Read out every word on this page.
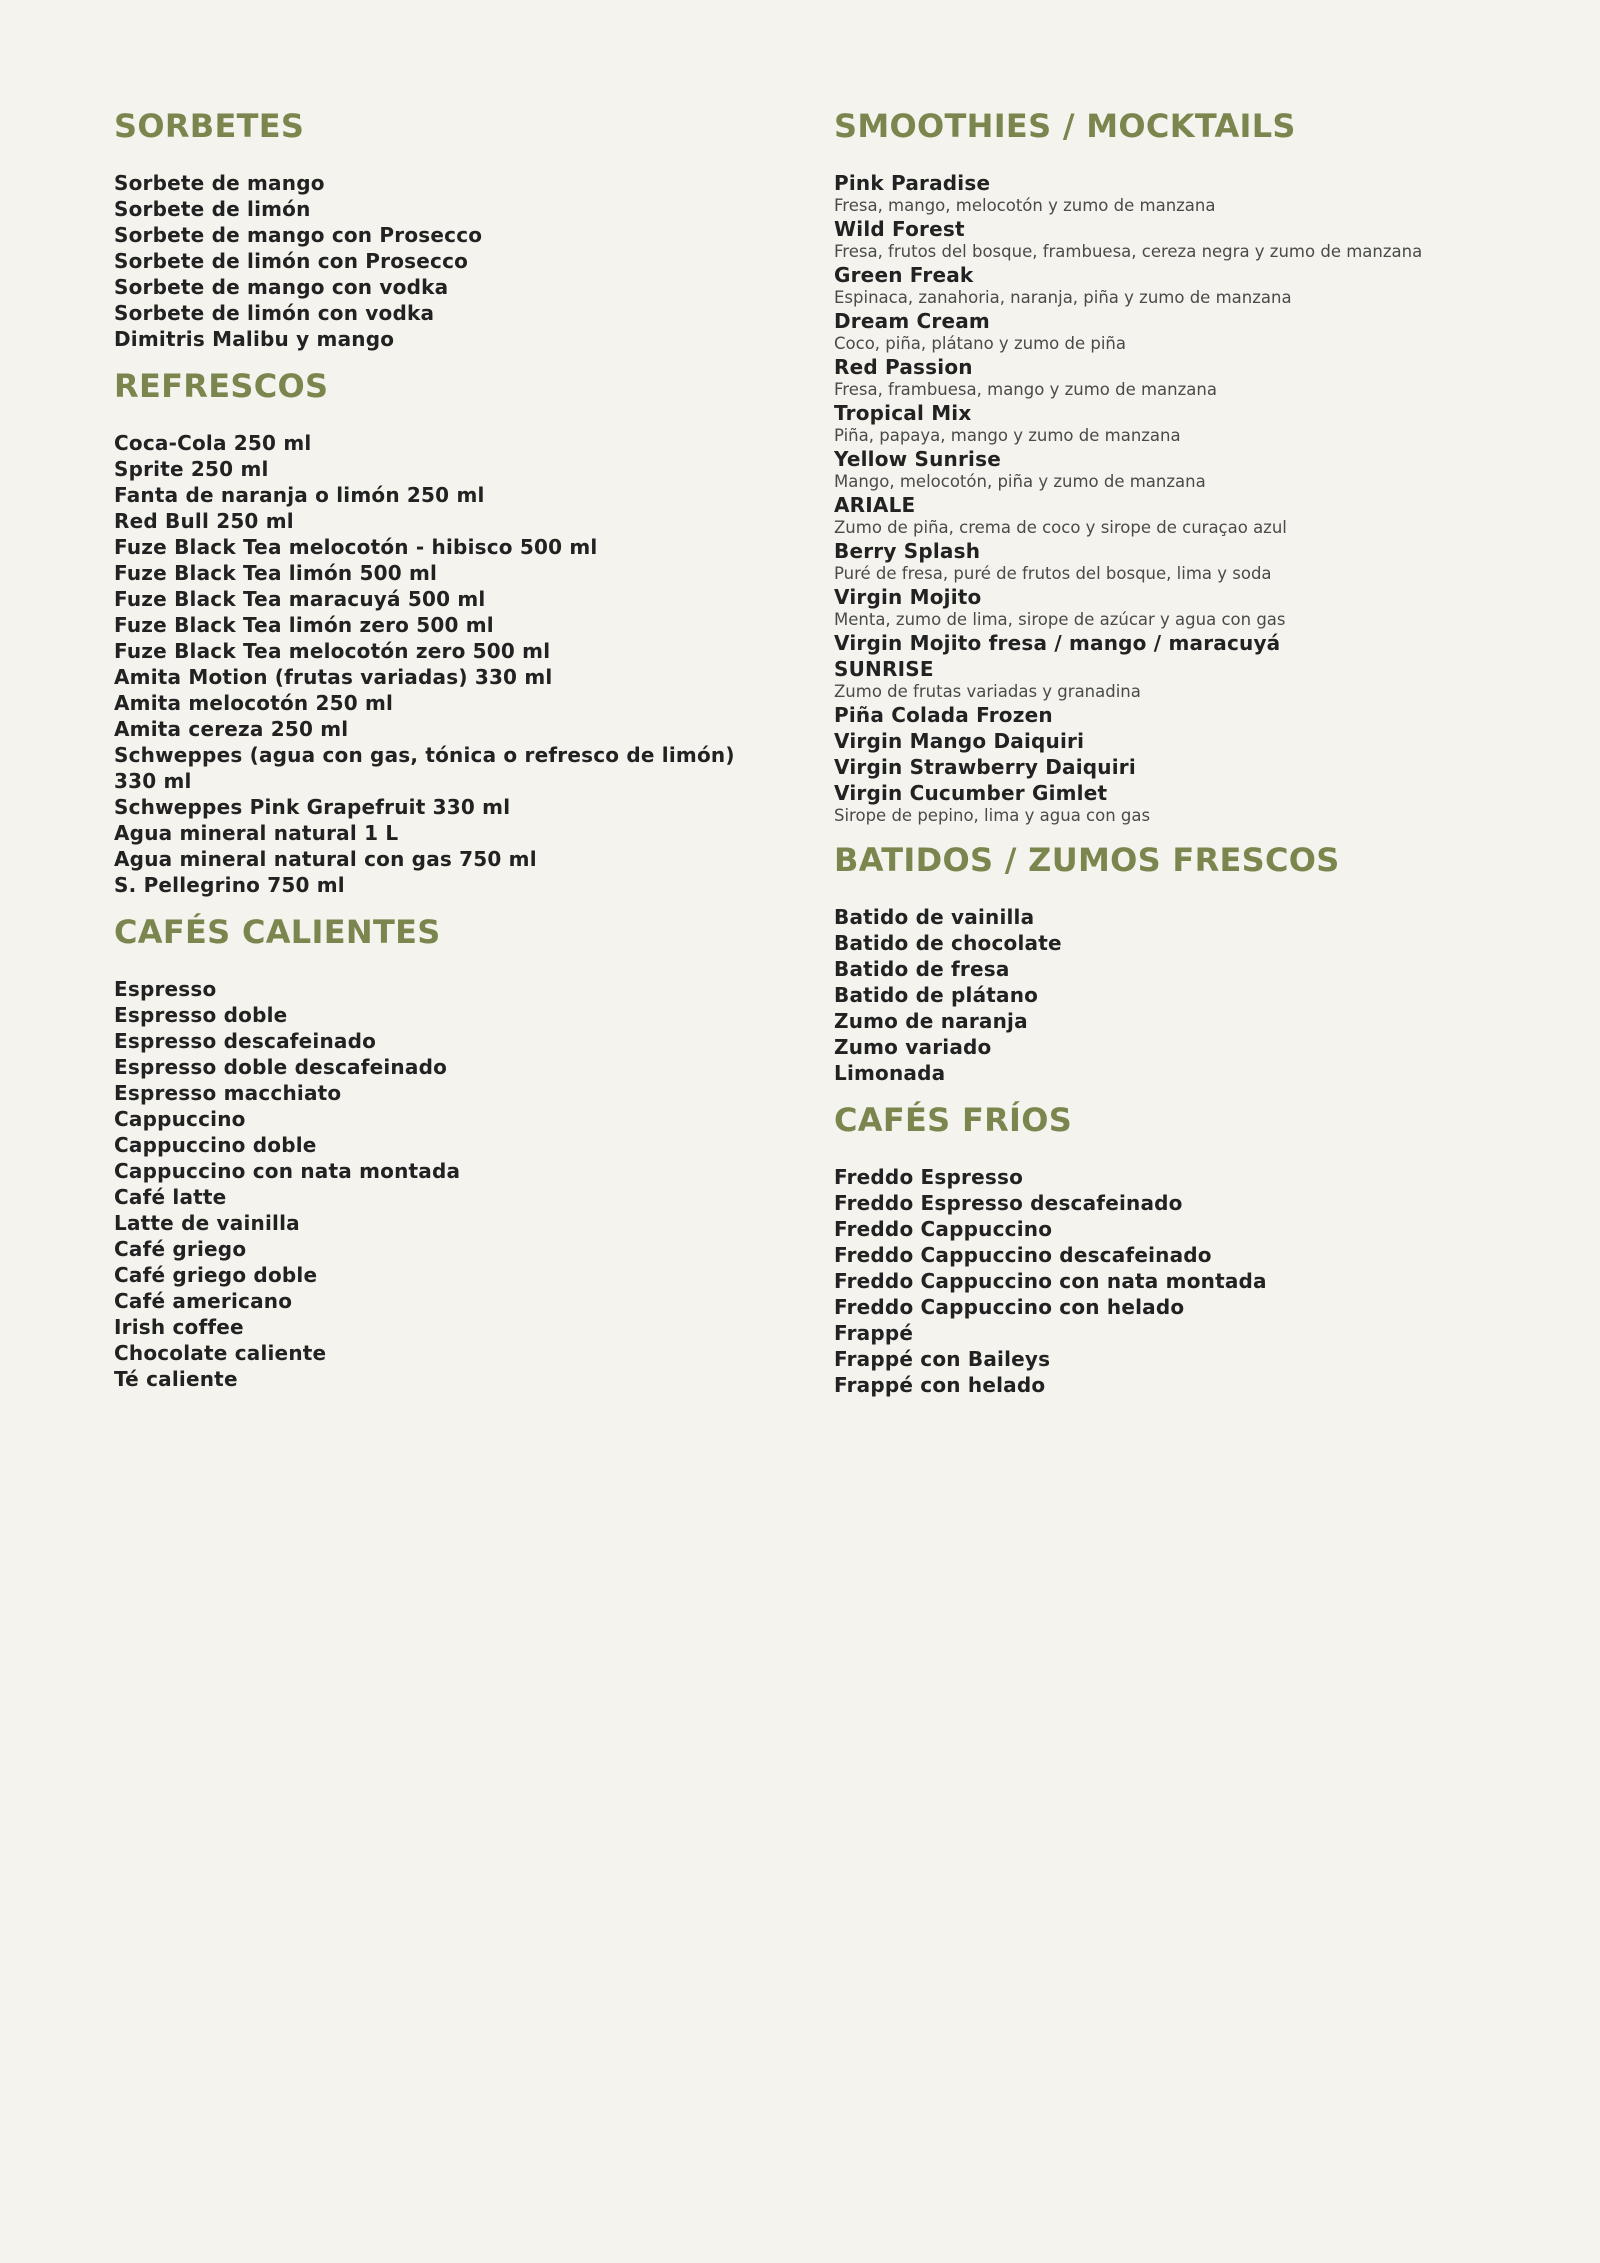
SORBETES
Sorbete de mango
Sorbete de limón
Sorbete de mango con Prosecco
Sorbete de limón con Prosecco
Sorbete de mango con vodka
Sorbete de limón con vodka
Dimitris Malibu y mango
REFRESCOS
Coca-Cola 250 ml
Sprite 250 ml
Fanta de naranja o limón 250 ml
Red Bull 250 ml
Fuze Black Tea melocotón - hibisco 500 ml
Fuze Black Tea limón 500 ml
Fuze Black Tea maracuyá 500 ml
Fuze Black Tea limón zero 500 ml
Fuze Black Tea melocotón zero 500 ml
Amita Motion (frutas variadas) 330 ml
Amita melocotón 250 ml
Amita cereza 250 ml
Schweppes (agua con gas, tónica o refresco de limón) 330 ml
Schweppes Pink Grapefruit 330 ml
Agua mineral natural 1 L
Agua mineral natural con gas 750 ml
S. Pellegrino 750 ml
CAFÉS CALIENTES
Espresso
Espresso doble
Espresso descafeinado
Espresso doble descafeinado
Espresso macchiato
Cappuccino
Cappuccino doble
Cappuccino con nata montada
Café latte
Latte de vainilla
Café griego
Café griego doble
Café americano
Irish coffee
Chocolate caliente
Té caliente
SMOOTHIES / MOCKTAILS
Pink Paradise
Fresa, mango, melocotón y zumo de manzana
Wild Forest
Fresa, frutos del bosque, frambuesa, cereza negra y zumo de manzana
Green Freak
Espinaca, zanahoria, naranja, piña y zumo de manzana
Dream Cream
Coco, piña, plátano y zumo de piña
Red Passion
Fresa, frambuesa, mango y zumo de manzana
Tropical Mix
Piña, papaya, mango y zumo de manzana
Yellow Sunrise
Mango, melocotón, piña y zumo de manzana
ARIALE
Zumo de piña, crema de coco y sirope de curaçao azul
Berry Splash
Puré de fresa, puré de frutos del bosque, lima y soda
Virgin Mojito
Menta, zumo de lima, sirope de azúcar y agua con gas
Virgin Mojito fresa / mango / maracuyá
SUNRISE
Zumo de frutas variadas y granadina
Piña Colada Frozen
Virgin Mango Daiquiri
Virgin Strawberry Daiquiri
Virgin Cucumber Gimlet
Sirope de pepino, lima y agua con gas
BATIDOS / ZUMOS FRESCOS
Batido de vainilla
Batido de chocolate
Batido de fresa
Batido de plátano
Zumo de naranja
Zumo variado
Limonada
CAFÉS FRÍOS
Freddo Espresso
Freddo Espresso descafeinado
Freddo Cappuccino
Freddo Cappuccino descafeinado
Freddo Cappuccino con nata montada
Freddo Cappuccino con helado
Frappé
Frappé con Baileys
Frappé con helado
